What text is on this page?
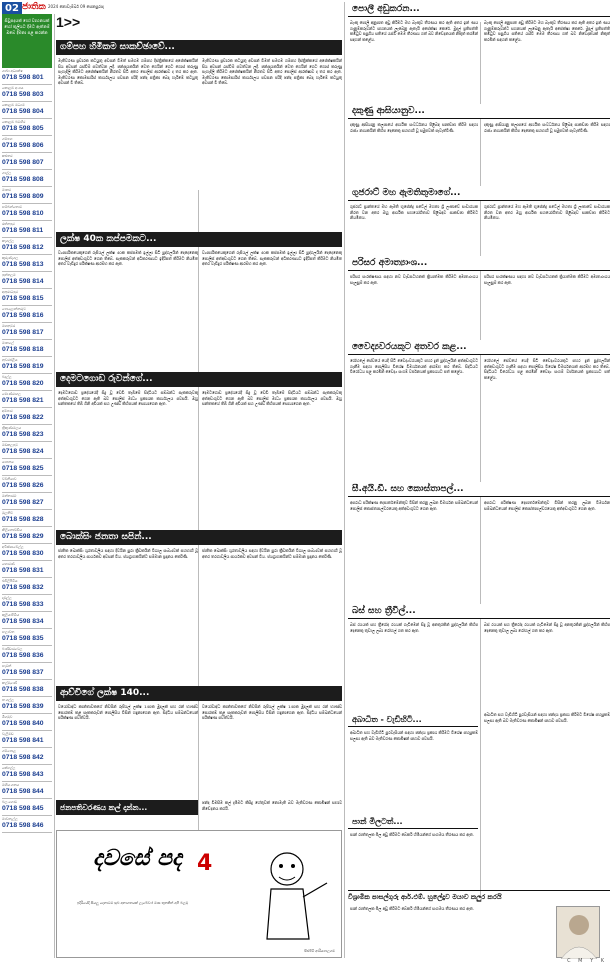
02 ජාතික 2024 නොවැම්බර් 09 සෙනසුරාදා
සිවුපදයක් හෝ වාහනයක් හෝ කුලියට දීමට ඇත්නම් ඔබේ දීමනා පළ කරන්න
ශාඛා අධ්‍යක්ෂ
0718 598 801
කොළඹ අංශය
0718 598 803
කොළඹ මධ්‍යම
0718 598 804
කොළඹ බටහිර
0718 598 805
ගම්පහ
0718 598 806
කළුතර
0718 598 807
ගාල්ල
0718 598 808
මාතර
0718 598 809
හම්බන්තොට
0718 598 810
රත්නපුර
0718 598 811
කෑගල්ල
0718 598 812
කුරුණෑගල
0718 598 813
පුත්තලම
0718 598 814
අනුරාධපුර
0718 598 815
පොළොන්නරුව
0718 598 816
මහනුවර
0718 598 817
මාතලේ
0718 598 818
නුවරඑළිය
0718 598 819
බදුල්ල
0718 598 820
මොණරාගල
0718 598 821
අම්පාර
0718 598 822
ත්‍රිකුණාමලය
0718 598 823
මඩකලපුව
0718 598 824
යාපනය
0718 598 825
වව්නියාව
0718 598 826
මන්නාරම
0718 598 827
මුලතිව්
0718 598 828
කිලිනොච්චිය
0718 598 829
අවිස්සාවේල්ල
0718 598 830
හොරණ
0718 598 831
එඹිලිපිටිය
0718 598 832
දඹුල්ල
0718 598 833
කුලියාපිටිය
0718 598 834
හලාවත
0718 598 835
බණ්ඩාරවෙල
0718 598 836
හැටන්
0718 598 837
කල්මුණේ
0718 598 838
තංගල්ල
0718 598 839
මීගමුව
0718 598 840
වැලිමඩ
0718 598 841
ගම්පොළ
0718 598 842
කේගල්ල
0718 598 843
මහියංගනය
0718 598 844
බලංගොඩ
0718 598 845
මාවනැල්ල
0718 598 846
1>>
ගම්පහ හිමිකම සාකච්ඡාවේ...
මැතිවරණ ප්‍රචාරක කටයුතු අවසන් වීමත් සමගම ගම්පහ දිස්ත්‍රික්කයේ අපේක්ෂකයින් සිය අවසන් රැස්වීම් පවත්වන ලදී. ඡන්දදායකයින් වෙත ගෙයින් ගෙට ගොස් කරුණු පැහැදිලි කිරීමට අපේක්ෂකයින් නිරතව සිටි අතර පොලිස් ආරක්ෂාව ද තර කර ඇත. මැතිවරණ කොමසාරිස් කාර්යාලය පවසන පරිදි ඡන්ද පත්‍රිකා බෙදා හැරීමේ කටයුතු අවසන් වී තිබේ.
මැතිවරණ ප්‍රචාරක කටයුතු අවසන් වීමත් සමගම ගම්පහ දිස්ත්‍රික්කයේ අපේක්ෂකයින් සිය අවසන් රැස්වීම් පවත්වන ලදී. ඡන්දදායකයින් වෙත ගෙයින් ගෙට ගොස් කරුණු පැහැදිලි කිරීමට අපේක්ෂකයින් නිරතව සිටි අතර පොලිස් ආරක්ෂාව ද තර කර ඇත. මැතිවරණ කොමසාරිස් කාර්යාලය පවසන පරිදි ඡන්ද පත්‍රිකා බෙදා හැරීමේ කටයුතු අවසන් වී තිබේ.
ලක්ෂ 40ක කප්පමකට...
ව්‍යාපාරිකයෙකුගෙන් රුපියල් ලක්ෂ 40ක කප්පමක් ඉල්ලා සිටි පුද්ගලයින් දෙදෙනෙකු පොලිස් අත්අඩංගුවට ගෙන තිබේ. සැකකරුවන් අධිකරණයට ඉදිරිපත් කිරීමට නියමිත අතර වැඩිදුර පරීක්ෂණ ආරම්භ කර ඇත.
ව්‍යාපාරිකයෙකුගෙන් රුපියල් ලක්ෂ 40ක කප්පමක් ඉල්ලා සිටි පුද්ගලයින් දෙදෙනෙකු පොලිස් අත්අඩංගුවට ගෙන තිබේ. සැකකරුවන් අධිකරණයට ඉදිරිපත් කිරීමට නියමිත අතර වැඩිදුර පරීක්ෂණ ආරම්භ කර ඇත.
දෙමටගොඩ රුවන්ගේ...
දෙමටගොඩ ප්‍රදේශයේදී සිදු වූ වෙඩි තැබීමේ සිද්ධියට සම්බන්ධ සැකකරුවකු අත්අඩංගුවට ගෙන ඇති බව පොලිස් මාධ්‍ය ප්‍රකාශක කාර්යාලය පවසයි. ඔහු සන්තකයේ තිබී ගිනි අවියක් සහ උණ්ඩ කිහිපයක් සොයාගෙන ඇත.
දෙමටගොඩ ප්‍රදේශයේදී සිදු වූ වෙඩි තැබීමේ සිද්ධියට සම්බන්ධ සැකකරුවකු අත්අඩංගුවට ගෙන ඇති බව පොලිස් මාධ්‍ය ප්‍රකාශක කාර්යාලය පවසයි. ඔහු සන්තකයේ තිබී ගිනි අවියක් සහ උණ්ඩ කිහිපයක් සොයාගෙන ඇත.
බොක්සිං ජනතා සපින්...
ජාතික බොක්සිං ශූරතාවලිය සඳහා දිවයින පුරා ක්‍රීඩකයින් විශාල සංඛ්‍යාවක් සහභාගී වූ අතර තරගාවලිය සාර්ථකව අවසන් විය. ජයග්‍රාහකයින්ට සම්මාන ප්‍රදානය කෙරිණි.
ජාතික බොක්සිං ශූරතාවලිය සඳහා දිවයින පුරා ක්‍රීඩකයින් විශාල සංඛ්‍යාවක් සහභාගී වූ අතර තරගාවලිය සාර්ථකව අවසන් විය. ජයග්‍රාහකයින්ට සම්මාන ප්‍රදානය කෙරිණි.
ආච්චිගේ ලක්ෂ 140...
වයෝවෘද්ධ කාන්තාවකගේ නිවසින් රුපියල් ලක්ෂ 140ක මුදලක් සහ රන් භාණ්ඩ සොරකම් කළ සැකකරුවන් පොලිසිය විසින් හඳුනාගෙන ඇත. සිද්ධිය සම්බන්ධයෙන් පරීක්ෂණ පවත්වයි.
වයෝවෘද්ධ කාන්තාවකගේ නිවසින් රුපියල් ලක්ෂ 140ක මුදලක් සහ රන් භාණ්ඩ සොරකම් කළ සැකකරුවන් පොලිසිය විසින් හඳුනාගෙන ඇත. සිද්ධිය සම්බන්ධයෙන් පරීක්ෂණ පවත්වයි.
ජනපතිවරණය කල් දාන්න...
ඡන්ද විමසීම කල් දැමීමට කිසිදු හේතුවක් නොමැති බව මැතිවරණ කොමිෂන් සභාව නිවේදනය කරයි.
දවසේ පද 4
ඉදිරියේදී සියලු දෙනාටම සුබ අනාගතයක් ලැබේවා! මාස තුනකින් අපි බලමු
සිළුපිටි ආරියපාලගම
පොලී අඩුකරන...
බැංකු පොලී අනුපාත අඩු කිරීමට මහ බැංකුව තීරණය කර ඇති අතර ඉන් ණය ගැනුම්කරුවන්ට සහනයක් ලැබෙනු ඇතැයි අපේක්ෂා කෙරේ. මුදල් ප්‍රතිපත්ති කමිටුව පසුගිය සතියේ රැස්වී මෙම තීරණය ගත් බව නිවේදනයක් නිකුත් කරමින් සඳහන් කළේය.
බැංකු පොලී අනුපාත අඩු කිරීමට මහ බැංකුව තීරණය කර ඇති අතර ඉන් ණය ගැනුම්කරුවන්ට සහනයක් ලැබෙනු ඇතැයි අපේක්ෂා කෙරේ. මුදල් ප්‍රතිපත්ති කමිටුව පසුගිය සතියේ රැස්වී මෙම තීරණය ගත් බව නිවේදනයක් නිකුත් කරමින් සඳහන් කළේය.
දකුණු ආසියානුව...
දකුණු ආසියානු කලාපයේ ආර්ථික සංවර්ධනය පිළිබඳ සාකච්ඡා කිරීම සඳහා රාජ්‍ය නායකයින් කිහිප දෙනෙකු සහභාගී වූ සමුළුවක් පැවැත්විණි.
දකුණු ආසියානු කලාපයේ ආර්ථික සංවර්ධනය පිළිබඳ සාකච්ඡා කිරීම සඳහා රාජ්‍ය නායකයින් කිහිප දෙනෙකු සහභාගී වූ සමුළුවක් පැවැත්විණි.
ගුජරාට් මහ ඇමතිතුමාගේ...
ගුජරාට් ප්‍රාන්තයේ මහ ඇමති භූපේන්ද්‍ර පටේල් මහතා ශ්‍රී ලංකාවේ සංචාරයක නිරත වන අතර ඔහු ආර්ථික සහයෝගීතාව පිළිබඳව සාකච්ඡා කිරීමට නියමිතය.
ගුජරාට් ප්‍රාන්තයේ මහ ඇමති භූපේන්ද්‍ර පටේල් මහතා ශ්‍රී ලංකාවේ සංචාරයක නිරත වන අතර ඔහු ආර්ථික සහයෝගීතාව පිළිබඳව සාකච්ඡා කිරීමට නියමිතය.
පරිසර අමාත්‍යාංශ...
පරිසර සංරක්ෂණය සඳහා නව වැඩසටහනක් ක්‍රියාත්මක කිරීමට අමාත්‍යාංශය සැලසුම් කර ඇත.
පරිසර සංරක්ෂණය සඳහා නව වැඩසටහනක් ක්‍රියාත්මක කිරීමට අමාත්‍යාංශය සැලසුම් කර ඇත.
වෛද්‍යවරයකුට අතවර කළ...
රෝහලේ සේවයේ යෙදී සිටි වෛද්‍යවරයකුට පහර දුන් පුද්ගලයින් අත්අඩංගුවට ගැනීම සඳහා පොලිසිය විශේෂ විමර්ශනයක් ආරම්භ කර තිබේ. සිද්ධියට විරෝධය පළ කරමින් වෛද්‍ය සංගම් වර්ජනයක් ප්‍රකාශයට පත් කළේය.
රෝහලේ සේවයේ යෙදී සිටි වෛද්‍යවරයකුට පහර දුන් පුද්ගලයින් අත්අඩංගුවට ගැනීම සඳහා පොලිසිය විශේෂ විමර්ශනයක් ආරම්භ කර තිබේ. සිද්ධියට විරෝධය පළ කරමින් වෛද්‍ය සංගම් වර්ජනයක් ප්‍රකාශයට පත් කළේය.
සී.අයි.ඩී. සහ කොස්තාපල්...
අපරාධ පරීක්ෂණ දෙපාර්තමේන්තුව විසින් කරනු ලබන විමර්ශන සම්බන්ධයෙන් පොලිස් කොස්තාපල්වරයෙකු අත්අඩංගුවට ගෙන ඇත.
අපරාධ පරීක්ෂණ දෙපාර්තමේන්තුව විසින් කරනු ලබන විමර්ශන සම්බන්ධයෙන් පොලිස් කොස්තාපල්වරයෙකු අත්අඩංගුවට ගෙන ඇත.
බස් සහ ත්‍රීවිල්...
බස් රථයක් සහ ත්‍රීරෝද රථයක් ගැටීමෙන් සිදු වූ අනතුරකින් පුද්ගලයින් කිහිප දෙනෙකු තුවාල ලබා රෝහල් ගත කර ඇත.
බස් රථයක් සහ ත්‍රීරෝද රථයක් ගැටීමෙන් සිදු වූ අනතුරකින් පුද්ගලයින් කිහිප දෙනෙකු තුවාල ලබා රෝහල් ගත කර ඇත.
අබාධිත - වැඩිහිටි...
අබාධිත සහ වැඩිහිටි පුරවැසියන් සඳහා ඡන්දය ප්‍රකාශ කිරීමට විශේෂ පහසුකම් සලසා ඇති බව මැතිවරණ කොමිෂන් සභාව පවසයි.
අබාධිත සහ වැඩිහිටි පුරවැසියන් සඳහා ඡන්දය ප්‍රකාශ කිරීමට විශේෂ පහසුකම් සලසා ඇති බව මැතිවරණ කොමිෂන් සභාව පවසයි.
පාන් මිලටත්...
පාන් රාත්තලක මිල අඩු කිරීමට බේකරි හිමියන්ගේ සංගමය තීරණය කර ඇත.
විශ්‍රාමික පාසල්ගුරු ආර්.එම්. හුලේදුව මයාව කලුර කරයි
පාන් රාත්තලක මිල අඩු කිරීමට බේකරි හිමියන්ගේ සංගමය තීරණය කර ඇත.
C M Y K
